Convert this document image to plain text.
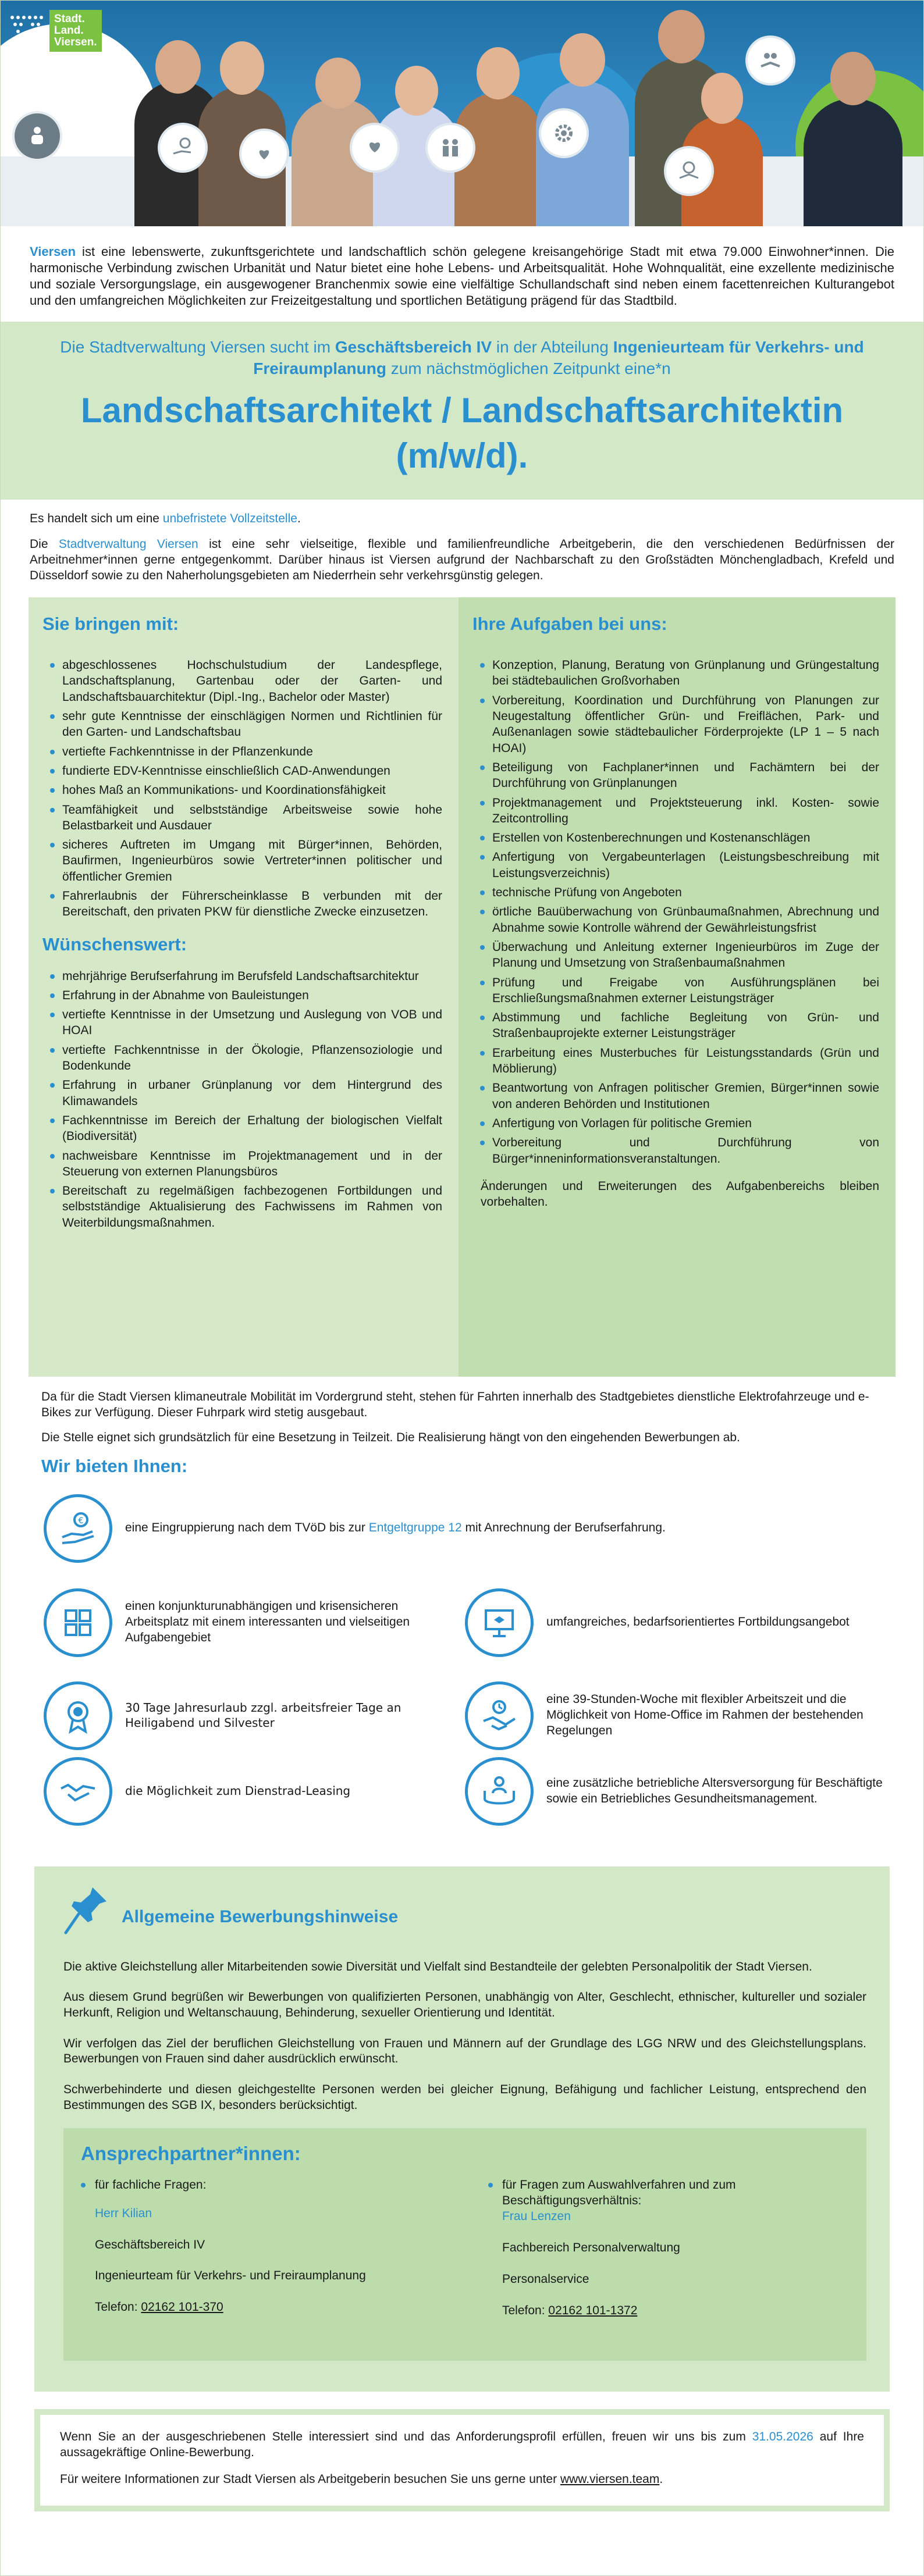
Stadt.
Land.
Viersen.
Viersen ist eine lebenswerte, zukunftsgerichtete und landschaftlich schön gelegene kreisangehörige Stadt mit etwa 79.000 Einwohner*innen. Die harmonische Verbindung zwischen Urbanität und Natur bietet eine hohe Lebens- und Arbeitsqualität. Hohe Wohnqualität, eine exzellente medizinische und soziale Versorgungslage, ein ausgewogener Branchenmix sowie eine vielfältige Schullandschaft sind neben einem facettenreichen Kulturangebot und den umfangreichen Möglichkeiten zur Freizeitgestaltung und sportlichen Betätigung prägend für das Stadtbild.
Die Stadtverwaltung Viersen sucht im Geschäftsbereich IV in der Abteilung Ingenieurteam für Verkehrs- und Freiraumplanung zum nächstmöglichen Zeitpunkt eine*n
Landschaftsarchitekt / Landschaftsarchitektin
(m/w/d).
Es handelt sich um eine unbefristete Vollzeitstelle.
Die Stadtverwaltung Viersen ist eine sehr vielseitige, flexible und familienfreundliche Arbeitgeberin, die den verschiedenen Bedürfnissen der Arbeitnehmer*innen gerne entgegenkommt. Darüber hinaus ist Viersen aufgrund der Nachbarschaft zu den Großstädten Mönchengladbach, Krefeld und Düsseldorf sowie zu den Naherholungsgebieten am Niederrhein sehr verkehrsgünstig gelegen.
Sie bringen mit:
abgeschlossenes Hochschulstudium der Landespflege, Landschaftsplanung, Gartenbau oder der Garten- und Landschaftsbauarchitektur (Dipl.-Ing., Bachelor oder Master)
sehr gute Kenntnisse der einschlägigen Normen und Richtlinien für den Garten- und Landschaftsbau
vertiefte Fachkenntnisse in der Pflanzenkunde
fundierte EDV-Kenntnisse einschließlich CAD-Anwendungen
hohes Maß an Kommunikations- und Koordinationsfähigkeit
Teamfähigkeit und selbstständige Arbeitsweise sowie hohe Belastbarkeit und Ausdauer
sicheres Auftreten im Umgang mit Bürger*innen, Behörden, Baufirmen, Ingenieurbüros sowie Vertreter*innen politischer und öffentlicher Gremien
Fahrerlaubnis der Führerscheinklasse B verbunden mit der Bereitschaft, den privaten PKW für dienstliche Zwecke einzusetzen.
Wünschenswert:
mehrjährige Berufserfahrung im Berufsfeld Landschaftsarchitektur
Erfahrung in der Abnahme von Bauleistungen
vertiefte Kenntnisse in der Umsetzung und Auslegung von VOB und HOAI
vertiefte Fachkenntnisse in der Ökologie, Pflanzensoziologie und Bodenkunde
Erfahrung in urbaner Grünplanung vor dem Hintergrund des Klimawandels
Fachkenntnisse im Bereich der Erhaltung der biologischen Vielfalt (Biodiversität)
nachweisbare Kenntnisse im Projektmanagement und in der Steuerung von externen Planungsbüros
Bereitschaft zu regelmäßigen fachbezogenen Fortbildungen und selbstständige Aktualisierung des Fachwissens im Rahmen von Weiterbildungsmaßnahmen.
Ihre Aufgaben bei uns:
Konzeption, Planung, Beratung von Grünplanung und Grüngestaltung bei städtebaulichen Großvorhaben
Vorbereitung, Koordination und Durchführung von Planungen zur Neugestaltung öffentlicher Grün- und Freiflächen, Park- und Außenanlagen sowie städtebaulicher Förderprojekte (LP 1 – 5 nach HOAI)
Beteiligung von Fachplaner*innen und Fachämtern bei der Durchführung von Grünplanungen
Projektmanagement und Projektsteuerung inkl. Kosten- sowie Zeitcontrolling
Erstellen von Kostenberechnungen und Kostenanschlägen
Anfertigung von Vergabeunterlagen (Leistungsbeschreibung mit Leistungsverzeichnis)
technische Prüfung von Angeboten
örtliche Bauüberwachung von Grünbaumaßnahmen, Abrechnung und Abnahme sowie Kontrolle während der Gewährleistungsfrist
Überwachung und Anleitung externer Ingenieurbüros im Zuge der Planung und Umsetzung von Straßenbaumaßnahmen
Prüfung und Freigabe von Ausführungsplänen bei Erschließungsmaßnahmen externer Leistungsträger
Abstimmung und fachliche Begleitung von Grün- und Straßenbauprojekte externer Leistungsträger
Erarbeitung eines Musterbuches für Leistungsstandards (Grün und Möblierung)
Beantwortung von Anfragen politischer Gremien, Bürger*innen sowie von anderen Behörden und Institutionen
Anfertigung von Vorlagen für politische Gremien
Vorbereitung und Durchführung von Bürger*inneninformationsveranstaltungen.
Änderungen und Erweiterungen des Aufgabenbereichs bleiben vorbehalten.

Da für die Stadt Viersen klimaneutrale Mobilität im Vordergrund steht, stehen für Fahrten innerhalb des Stadtgebietes dienstliche Elektrofahrzeuge und e-Bikes zur Verfügung. Dieser Fuhrpark wird stetig ausgebaut.

Die Stelle eignet sich grundsätzlich für eine Besetzung in Teilzeit. Die Realisierung hängt von den eingehenden Bewerbungen ab.

Wir bieten Ihnen:
€
eine Eingruppierung nach dem TVöD bis zur Entgeltgruppe 12 mit Anrechnung der Berufserfahrung.
einen konjunkturunabhängigen und krisensicheren Arbeitsplatz mit einem interessanten und vielseitigen Aufgabengebiet
umfangreiches, bedarfsorientiertes Fortbildungsangebot
30 Tage Jahresurlaub zzgl. arbeitsfreier Tage an Heiligabend und Silvester
eine 39-Stunden-Woche mit flexibler Arbeitszeit und die Möglichkeit von Home-Office im Rahmen der bestehenden Regelungen
die Möglichkeit zum Dienstrad-Leasing
eine zusätzliche betriebliche Altersversorgung für Beschäftigte sowie ein Betriebliches Gesundheitsmanagement.
Allgemeine Bewerbungshinweise

Die aktive Gleichstellung aller Mitarbeitenden sowie Diversität und Vielfalt sind Bestandteile der gelebten Personalpolitik der Stadt Viersen.

Aus diesem Grund begrüßen wir Bewerbungen von qualifizierten Personen, unabhängig von Alter, Geschlecht, ethnischer, kultureller und sozialer Herkunft, Religion und Weltanschauung, Behinderung, sexueller Orientierung und Identität.

Wir verfolgen das Ziel der beruflichen Gleichstellung von Frauen und Männern auf der Grundlage des LGG NRW und des Gleichstellungsplans. Bewerbungen von Frauen sind daher ausdrücklich erwünscht.

Schwerbehinderte und diesen gleichgestellte Personen werden bei gleicher Eignung, Befähigung und fachlicher Leistung, entsprechend den Bestimmungen des SGB IX, besonders berücksichtigt.

Ansprechpartner*innen:
für fachliche Fragen:
Herr Kilian
Geschäftsbereich IV
Ingenieurteam für Verkehrs- und Freiraumplanung
Telefon: 02162 101-370
für Fragen zum Auswahlverfahren und zum Beschäftigungsverhältnis:
Frau Lenzen
Fachbereich Personalverwaltung
Personalservice
Telefon: 02162 101-1372

Wenn Sie an der ausgeschriebenen Stelle interessiert sind und das Anforderungsprofil erfüllen, freuen wir uns bis zum 31.05.2026 auf Ihre aussagekräftige Online-Bewerbung.

Für weitere Informationen zur Stadt Viersen als Arbeitgeberin besuchen Sie uns gerne unter www.viersen.team.
